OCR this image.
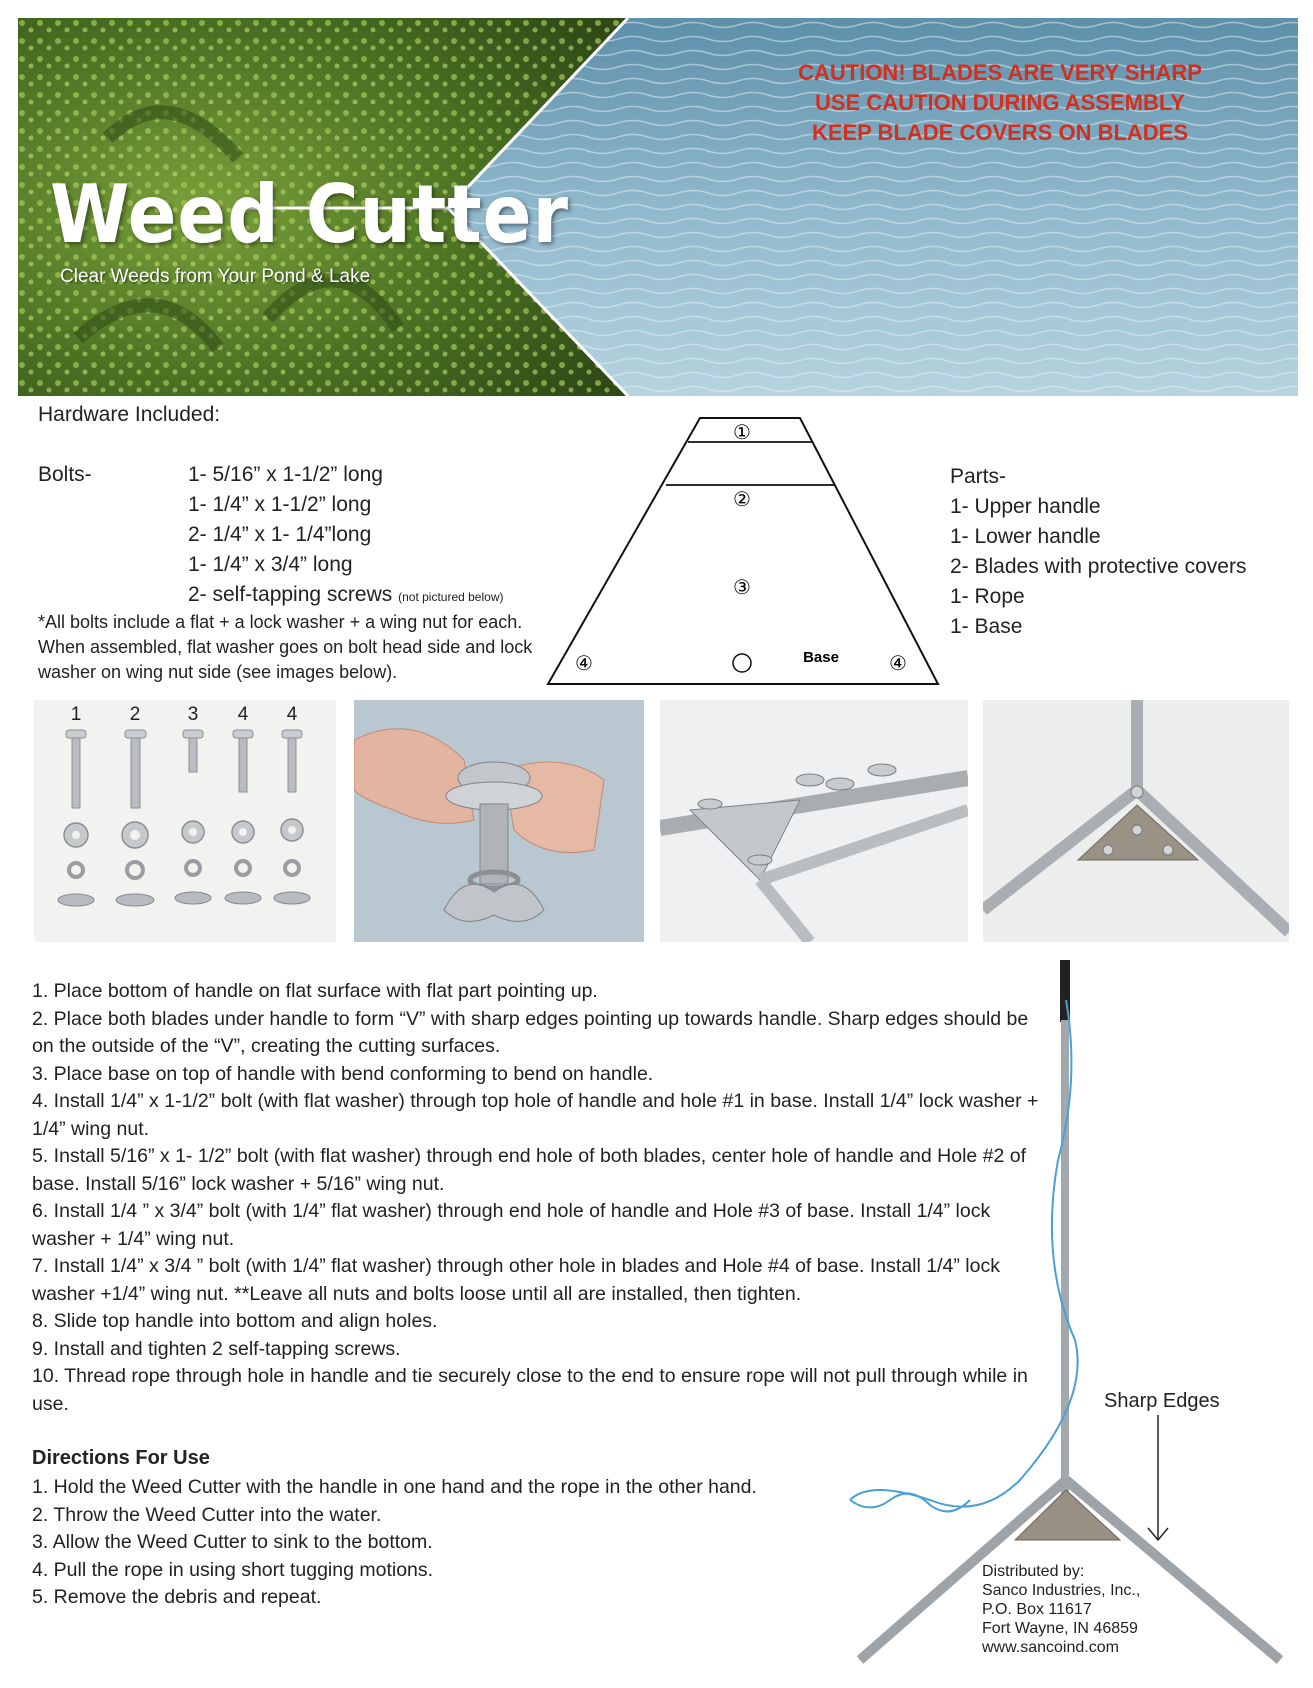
Weed Cutter
Clear Weeds from Your Pond & Lake
CAUTION! BLADES ARE VERY SHARP
USE CAUTION DURING ASSEMBLY
KEEP BLADE COVERS ON BLADES
Hardware Included:
Bolts-	1- 5/16” x 1-1/2” long
1- 1/4” x 1-1/2” long
2- 1/4” x 1- 1/4”long
1- 1/4” x 3/4” long
2- self-tapping screws (not pictured below)
*All bolts include a flat + a lock washer + a wing nut for each. When assembled, flat washer goes on bolt head side and lock washer on wing nut side (see images below).
①
②
③
④	④
Base
Parts-
1- Upper handle
1- Lower handle
2- Blades with protective covers
1- Rope
1- Base
1	2 3 4 4
1. Place bottom of handle on flat surface with flat part pointing up.
2. Place both blades under handle to form “V” with sharp edges pointing up towards handle. Sharp edges should be on the outside of the “V”, creating the cutting surfaces.
3. Place base on top of handle with bend conforming to bend on handle.
4. Install 1/4” x 1-1/2” bolt (with flat washer) through top hole of handle and hole #1 in base. Install 1/4” lock washer + 1/4” wing nut.
5. Install 5/16” x 1- 1/2” bolt (with flat washer) through end hole of both blades, center hole of handle and Hole #2 of base. Install 5/16” lock washer + 5/16” wing nut.
6. Install 1/4 ” x 3/4” bolt (with 1/4” flat washer) through end hole of handle and Hole #3 of base. Install 1/4” lock washer + 1/4” wing nut.
7. Install 1/4” x 3/4 ” bolt (with 1/4” flat washer) through other hole in blades and Hole #4 of base. Install 1/4” lock washer +1/4” wing nut. **Leave all nuts and bolts loose until all are installed, then tighten.
8. Slide top handle into bottom and align holes.
9. Install and tighten 2 self-tapping screws.
10. Thread rope through hole in handle and tie securely close to the end to ensure rope will not pull through while in use.
Directions For Use
1. Hold the Weed Cutter with the handle in one hand and the rope in the other hand.
2. Throw the Weed Cutter into the water.
3. Allow the Weed Cutter to sink to the bottom.
4. Pull the rope in using short tugging motions.
5. Remove the debris and repeat.
Sharp Edges
Distributed by:
Sanco Industries, Inc.,
P.O. Box 11617
Fort Wayne, IN 46859
www.sancoind.com
